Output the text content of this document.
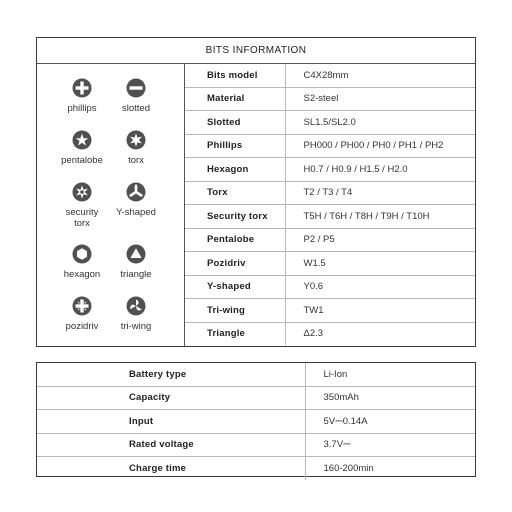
BITS INFORMATION
phillips	slotted
pentalobe	torx
security
torx
Y-shaped
hexagon triangle
pozidriv tri-wing
Bits model	C4X28mm
Material	S2-steel
Slotted	SL1.5/SL2.0
Phillips	PH000 / PH00 / PH0 / PH1 / PH2
Hexagon	H0.7 / H0.9 / H1.5 / H2.0
Torx	T2 / T3 / T4
Security torx	T5H / T6H / T8H / T9H / T10H
Pentalobe	P2 / P5
Pozidriv	W1.5
Y-shaped	Y0.6
Tri-wing	TW1
Triangle	Δ2.3
Battery type	Li-Ion
Capacity	350mAh
Input	5V⎓0.14A
Rated voltage	3.7V⎓
Charge time	160-200min
